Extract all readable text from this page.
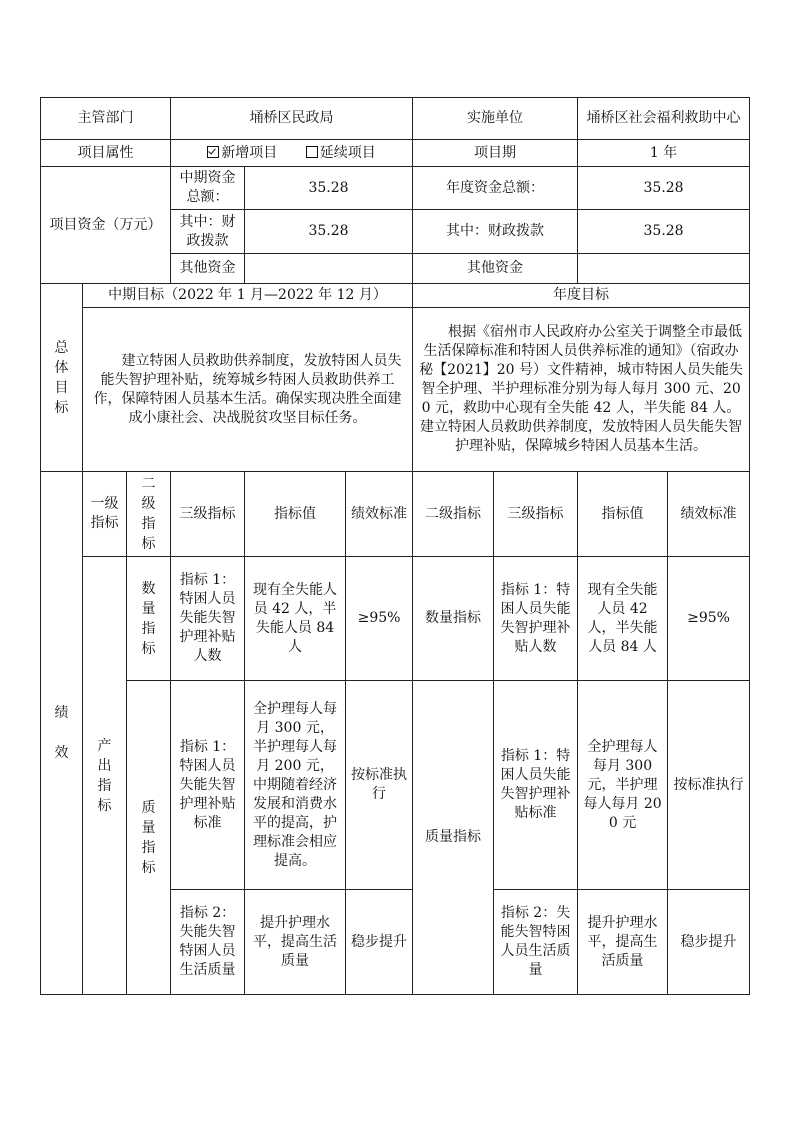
主管部门			埇桥区民政局			实施单位		埇桥区社会福利救助中心	
项目属性			新增项目 延续项目			项目期		1 年	
项目资金（万元）			中期资金总额：	35.28		年度资金总额：		35.28	
			其中：财政拨款	35.28		其中：财政拨款		35.28	
			其他资金			其他资金			
总体目标	中期目标（2022 年 1 月—2022 年 12 月）					年度目标			
	建立特困人员救助供养制度，发放特困人员失能失智护理补贴，统筹城乡特困人员救助供养工作，保障特困人员基本生活。确保实现决胜全面建成小康社会、决战脱贫攻坚目标任务。					根据《宿州市人民政府办公室关于调整全市最低生活保障标准和特困人员供养标准的通知》（宿政办秘【2021】20 号）文件精神，城市特困人员失能失智全护理、半护理标准分别为每人每月 300 元、200 元，救助中心现有全失能 42 人，半失能 84 人。建立特困人员救助供养制度，发放特困人员失能失智护理补贴，保障城乡特困人员基本生活。			
绩效	一级指标	二级指标	三级指标	指标值	绩效标准	二级指标	三级指标	指标值	绩效标准
	产出指标	数量指标	指标 1：特困人员失能失智护理补贴人数	现有全失能人员 42 人，半失能人员 84 人	≥95%	数量指标	指标 1：特困人员失能失智护理补贴人数	现有全失能人员 42 人，半失能人员 84 人	≥95%
		质量指标	指标 1：特困人员失能失智护理补贴标准	全护理每人每月 300 元，半护理每人每月 200 元，中期随着经济发展和消费水平的提高，护理标准会相应提高。	按标准执行	质量指标	指标 1：特困人员失能失智护理补贴标准	全护理每人每月 300 元，半护理每人每月 200 元	按标准执行
			指标 2：失能失智特困人员生活质量	提升护理水平，提高生活质量	稳步提升		指标 2：失能失智特困人员生活质量	提升护理水平，提高生活质量	稳步提升
